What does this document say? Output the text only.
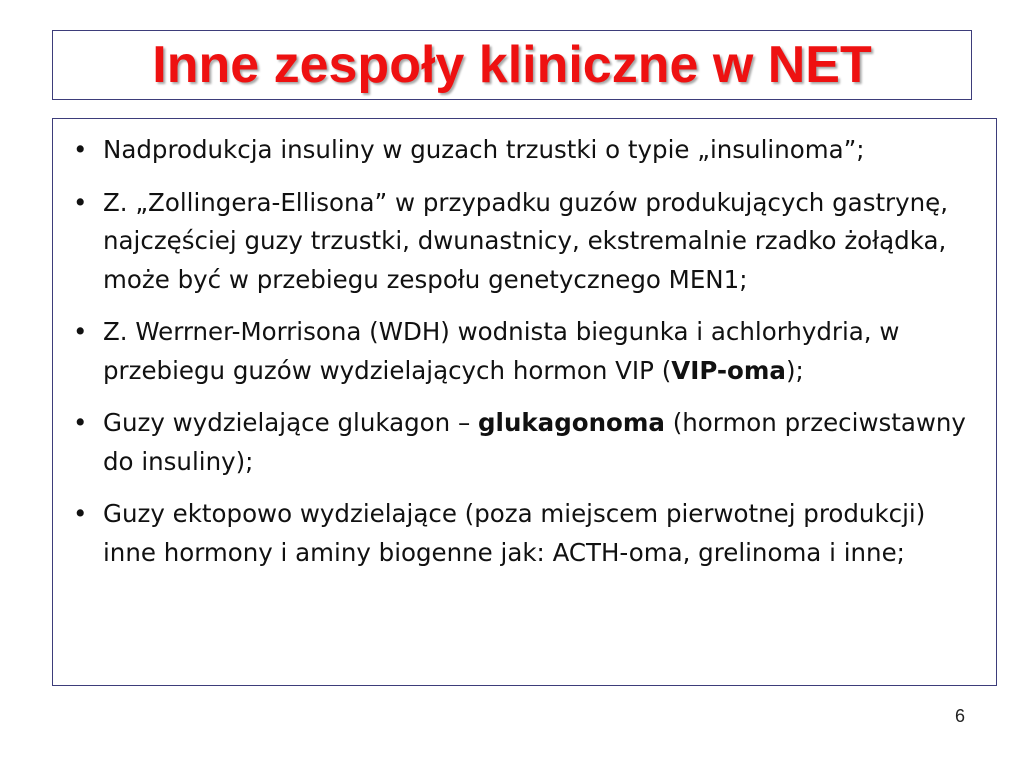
Inne zespoły kliniczne w NET
• Nadprodukcja insuliny w guzach trzustki o typie „insulinoma”;
• Z. „Zollingera-Ellisona” w przypadku guzów produkujących gastrynę, najczęściej guzy trzustki, dwunastnicy, ekstremalnie rzadko żołądka, może być w przebiegu zespołu genetycznego MEN1;
• Z. Werrner-Morrisona (WDH) wodnista biegunka i achlorhydria, w przebiegu guzów wydzielających hormon VIP (VIP-oma);
• Guzy wydzielające glukagon – glukagonoma (hormon przeciwstawny do insuliny);
• Guzy ektopowo wydzielające (poza miejscem pierwotnej produkcji) inne hormony i aminy biogenne jak: ACTH-oma, grelinoma i inne;
6
